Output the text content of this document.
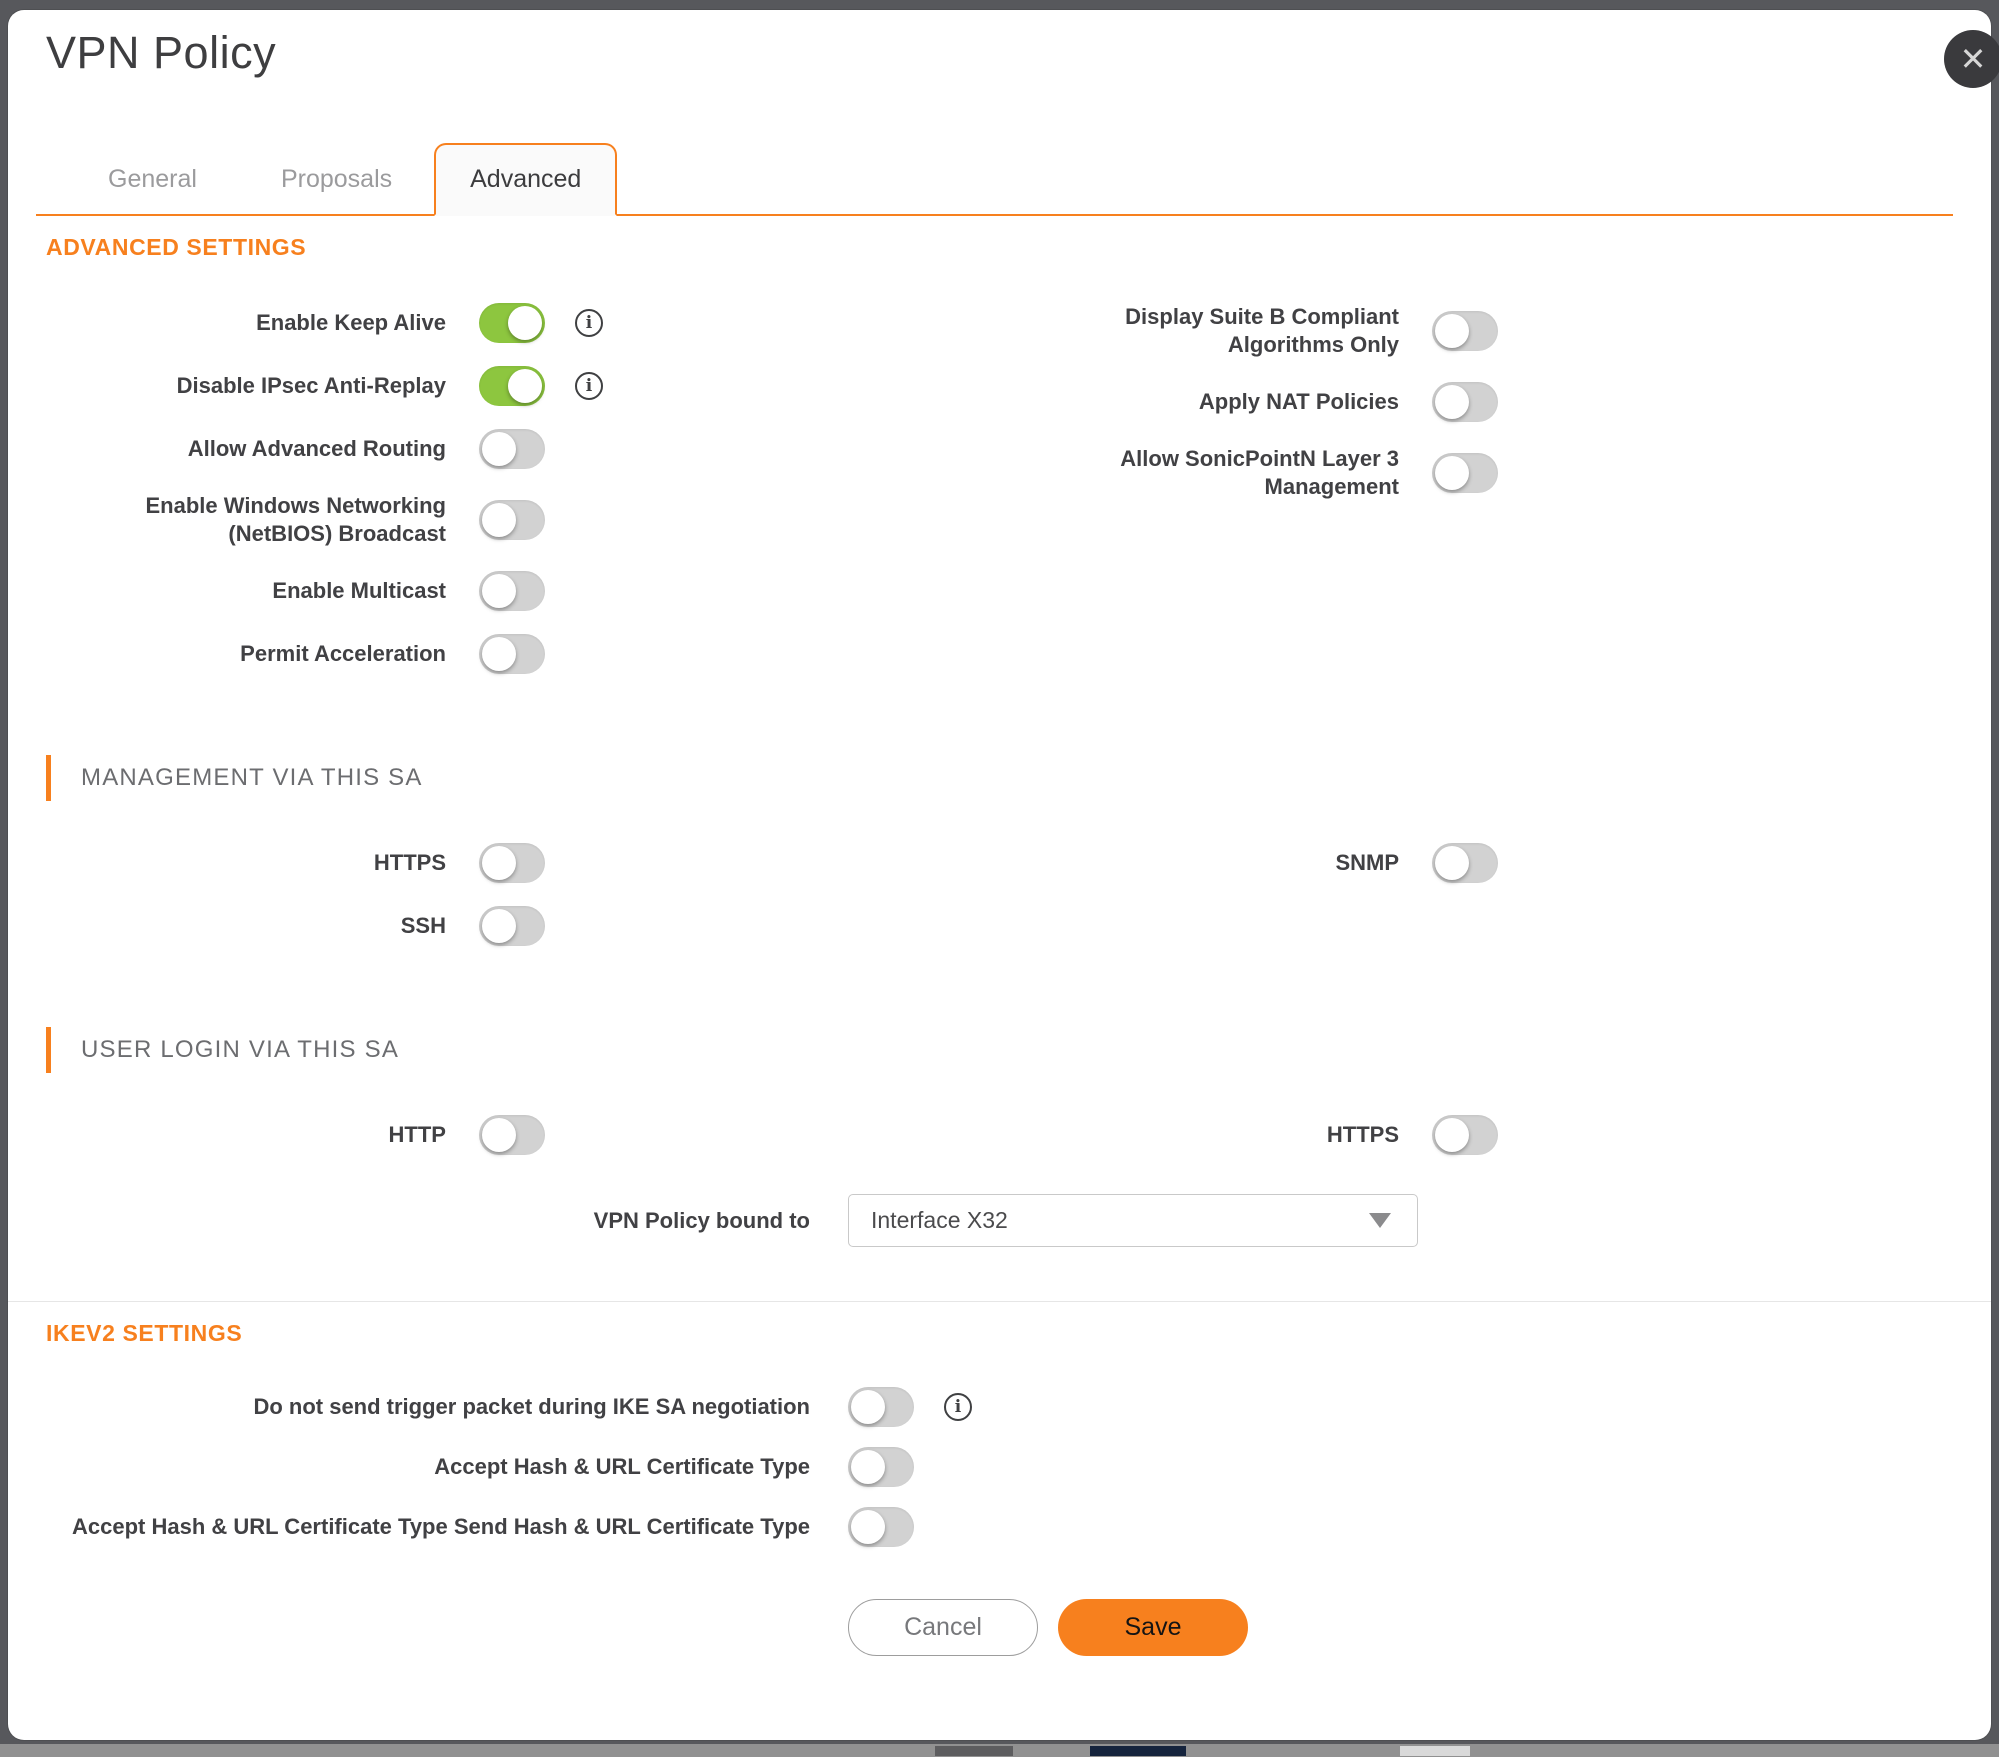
✕
VPN Policy
General	Proposals	Advanced
ADVANCED SETTINGS
Enable Keep Alive
i
Disable IPsec Anti-Replay
i
Allow Advanced Routing
Enable Windows Networking (NetBIOS) Broadcast
Enable Multicast
Permit Acceleration
Display Suite B Compliant Algorithms Only
Apply NAT Policies
Allow SonicPointN Layer 3 Management
MANAGEMENT VIA THIS SA
HTTPS
SSH
SNMP
USER LOGIN VIA THIS SA
HTTP	HTTPS
VPN Policy bound to	Interface X32
IKEV2 SETTINGS
Do not send trigger packet during IKE SA negotiation
i
Accept Hash & URL Certificate Type
Accept Hash & URL Certificate Type Send Hash & URL Certificate Type
Cancel	Save
